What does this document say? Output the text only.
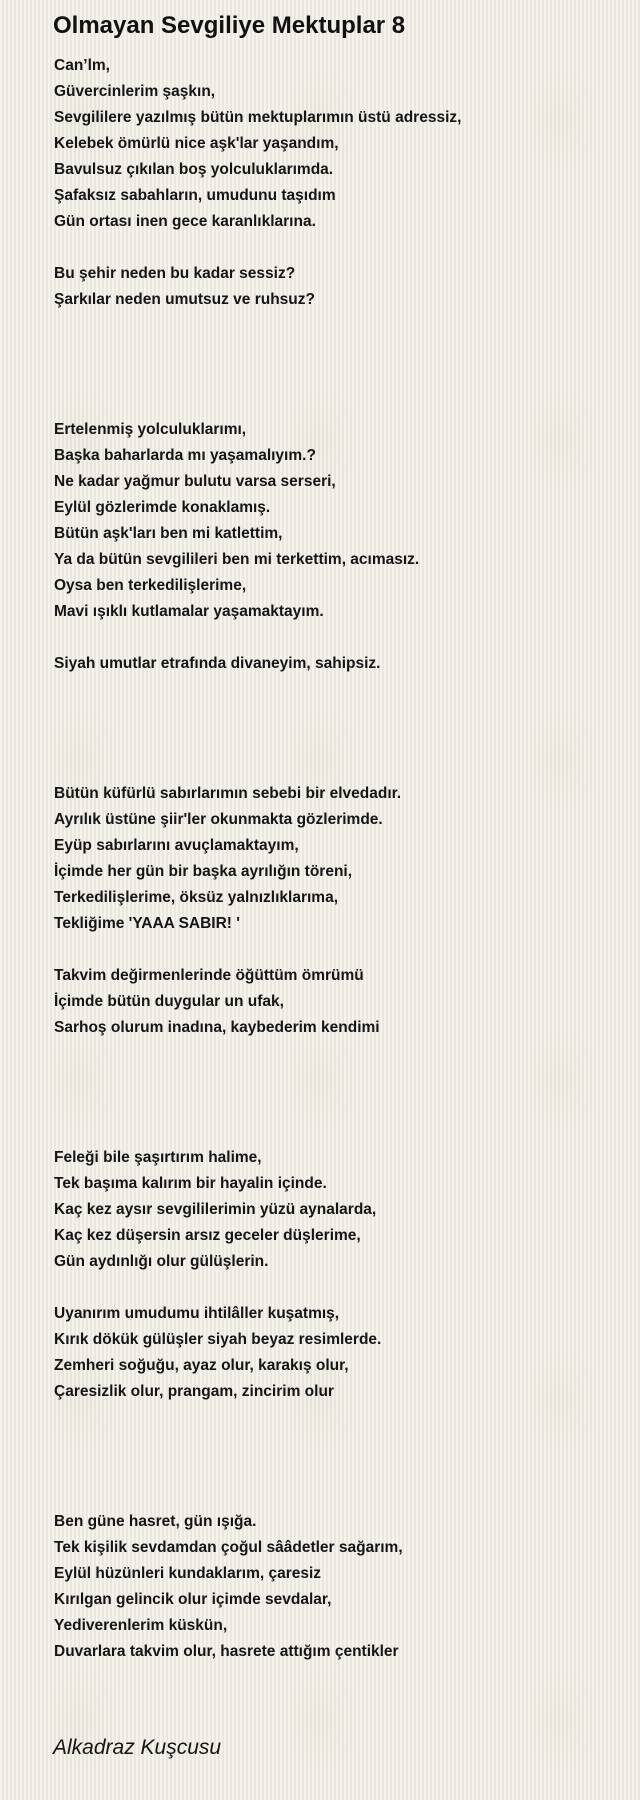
Olmayan Sevgiliye Mektuplar 8
Can’lm,
Güvercinlerim şaşkın,
Sevgililere yazılmış bütün mektuplarımın üstü adressiz,
Kelebek ömürlü nice aşk'lar yaşandım,
Bavulsuz çıkılan boş yolculuklarımda.
Şafaksız sabahların, umudunu taşıdım
Gün ortası inen gece karanlıklarına.
Bu şehir neden bu kadar sessiz?
Şarkılar neden umutsuz ve ruhsuz?
Ertelenmiş yolculuklarımı,
Başka baharlarda mı yaşamalıyım.?
Ne kadar yağmur bulutu varsa serseri,
Eylül gözlerimde konaklamış.
Bütün aşk'ları ben mi katlettim,
Ya da bütün sevgilileri ben mi terkettim, acımasız.
Oysa ben terkedilişlerime,
Mavi ışıklı kutlamalar yaşamaktayım.
Siyah umutlar etrafında divaneyim, sahipsiz.
Bütün küfürlü sabırlarımın sebebi bir elvedadır.
Ayrılık üstüne şiir'ler okunmakta gözlerimde.
Eyüp sabırlarını avuçlamaktayım,
İçimde her gün bir başka ayrılığın töreni,
Terkedilişlerime, öksüz yalnızlıklarıma,
Tekliğime 'YAAA SABIR! '
Takvim değirmenlerinde öğüttüm ömrümü
İçimde bütün duygular un ufak,
Sarhoş olurum inadına, kaybederim kendimi
Feleği bile şaşırtırım halime,
Tek başıma kalırım bir hayalin içinde.
Kaç kez aysır sevgililerimin yüzü aynalarda,
Kaç kez düşersin arsız geceler düşlerime,
Gün aydınlığı olur gülüşlerin.
Uyanırım umudumu ihtilâller kuşatmış,
Kırık dökük gülüşler siyah beyaz resimlerde.
Zemheri soğuğu, ayaz olur, karakış olur,
Çaresizlik olur, prangam, zincirim olur
Ben güne hasret, gün ışığa.
Tek kişilik sevdamdan çoğul sââdetler sağarım,
Eylül hüzünleri kundaklarım, çaresiz
Kırılgan gelincik olur içimde sevdalar,
Yediverenlerim küskün,
Duvarlara takvim olur, hasrete attığım çentikler
Alkadraz Kuşcusu
